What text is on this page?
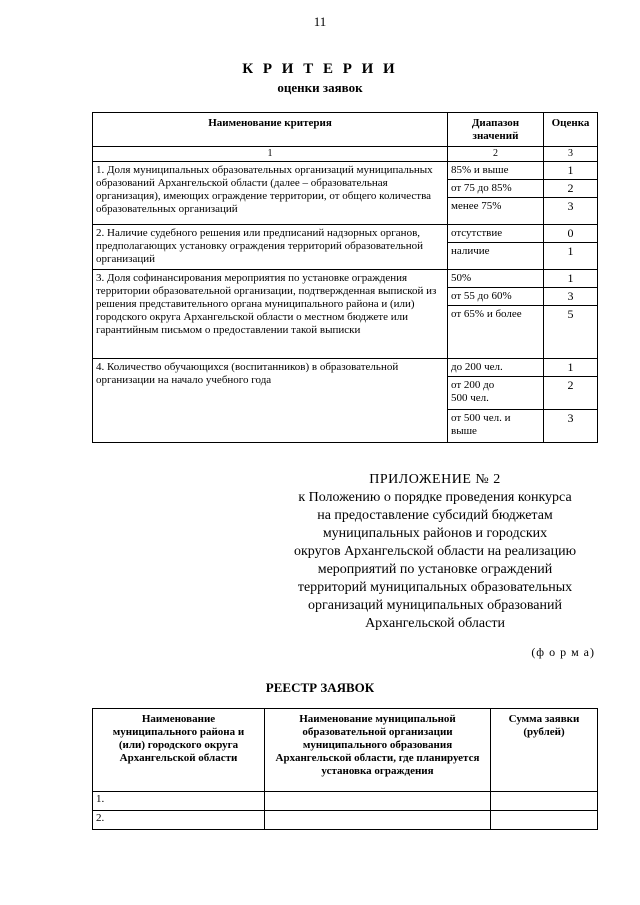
11
К Р И Т Е Р И И
оценки заявок
Наименование критерия	Диапазон значений	Оценка
1	2	3
1. Доля муниципальных образовательных организаций муниципальных образований Архангельской области (далее – образовательная организация), имеющих ограждение территории, от общего количества образовательных организаций	85% и выше	1
	от 75 до 85%	2
	менее 75%	3
2. Наличие судебного решения или предписаний надзорных органов, предполагающих установку ограждения территорий образовательной организаций	отсутствие	0
	наличие	1
3. Доля софинансирования мероприятия по установке ограждения территории образовательной организации, подтвержденная выпиской из решения представительного органа муниципального района и (или) городского округа Архангельской области о местном бюджете или гарантийным письмом о предоставлении такой выписки	50%	1
	от 55 до 60%	3
	от 65% и более	5
4. Количество обучающихся (воспитанников) в образовательной организации на начало учебного года	до 200 чел.	1
	от 200 до 500 чел.	2
	от 500 чел. и выше	3
ПРИЛОЖЕНИЕ № 2
к Положению о порядке проведения конкурса
на предоставление субсидий бюджетам
муниципальных районов и городских
округов Архангельской области на реализацию
мероприятий по установке ограждений
территорий муниципальных образовательных
организаций муниципальных образований
Архангельской области
(ф о р м а)
РЕЕСТР ЗАЯВОК
Наименование муниципального района и (или) городского округа Архангельской области	Наименование муниципальной образовательной организации муниципального образования Архангельской области, где планируется установка ограждения	Сумма заявки (рублей)
1.		
2.		
